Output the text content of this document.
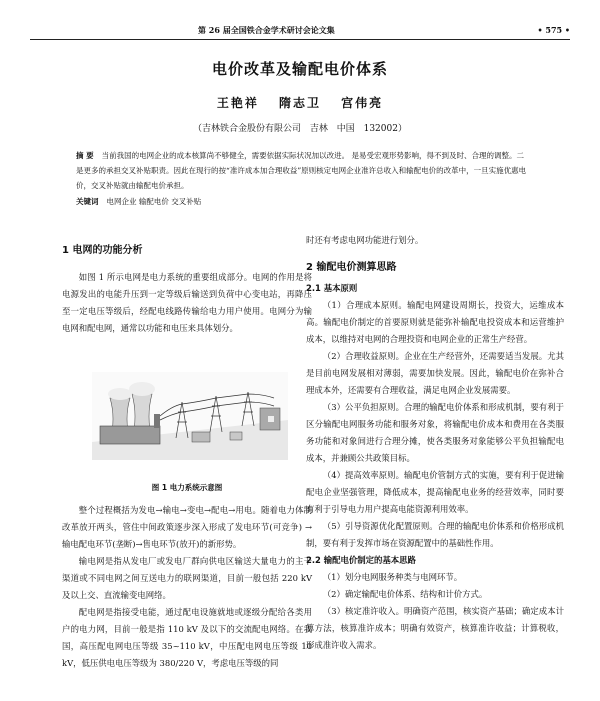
第 26 届全国铁合金学术研讨会论文集	• 575 •
电价改革及输配电价体系
王艳祥 隋志卫 宫伟亮
（吉林铁合金股份有限公司 吉林 中国 132002）
摘 要 当前我国的电网企业的成本核算尚不够健全，需要依据实际状况加以改进。 是易受宏观形势影响，得不到及时、合理的调整。二是更多的承担交叉补贴职责。因此在现行的按“准许成本加合理收益”原则核定电网企业准许总收入和输配电价的改革中，一旦实施优惠电价，交叉补贴就由输配电价承担。
关键词 电网企业 输配电价 交叉补贴

1 电网的功能分析

如图 1 所示电网是电力系统的重要组成部分。电网的作用是将电源发出的电能升压到一定等级后输送到负荷中心变电站，再降压至一定电压等级后，经配电线路传输给电力用户使用。电网分为输电网和配电网，通常以功能和电压来具体划分。

图 1 电力系统示意图

整个过程概括为发电→输电→变电→配电→用电。随着电力体制改革放开两头，管住中间政策逐步深入形成了发电环节(可竞争) →输电配电环节(垄断)→售电环节(放开)的新形势。

输电网是指从发电厂或发电厂群向供电区输送大量电力的主干渠道或不同电网之间互送电力的联网渠道，目前一般包括 220 kV 及以上交、直流输变电网络。

配电网是指接受电能，通过配电设施就地或逐级分配给各类用户的电力网，目前一般是指 110 kV 及以下的交流配电网络。在我国，高压配电网电压等级 35~110 kV，中压配电网电压等级 10 kV，低压供电电压等级为 380/220 V，考虑电压等级的同

时还有考虑电网功能进行划分。

2 输配电价测算思路

2.1 基本原则

（1）合理成本原则。输配电网建设周期长，投资大，运维成本高。输配电价制定的首要原则就是能弥补输配电投资成本和运营维护成本，以维持对电网的合理投资和电网企业的正常生产经营。

（2）合理收益原则。企业在生产经营外，还需要适当发展。尤其是目前电网发展相对薄弱，需要加快发展。因此，输配电价在弥补合理成本外，还需要有合理收益，满足电网企业发展需要。

（3）公平负担原则。合理的输配电价体系和形成机制，要有利于区分输配电网服务功能和服务对象，将输配电价成本和费用在各类服务功能和对象间进行合理分摊，使各类服务对象能够公平负担输配电成本，并兼顾公共政策目标。

（4）提高效率原则。输配电价管制方式的实施，要有利于促进输配电企业坚强管理，降低成本，提高输配电业务的经营效率，同时要有利于引导电力用户提高电能资源利用效率。

（5）引导资源优化配置原则。合理的输配电价体系和价格形成机制，要有利于发挥市场在资源配置中的基础性作用。

2.2 输配电价制定的基本思路

（1）划分电网服务种类与电网环节。

（2）确定输配电价体系、结构和计价方式。

（3）核定准许收入。明确资产范围，核实资产基础；确定成本计算方法，核算准许成本；明确有效资产，核算准许收益；计算税收，形成准许收入需求。
